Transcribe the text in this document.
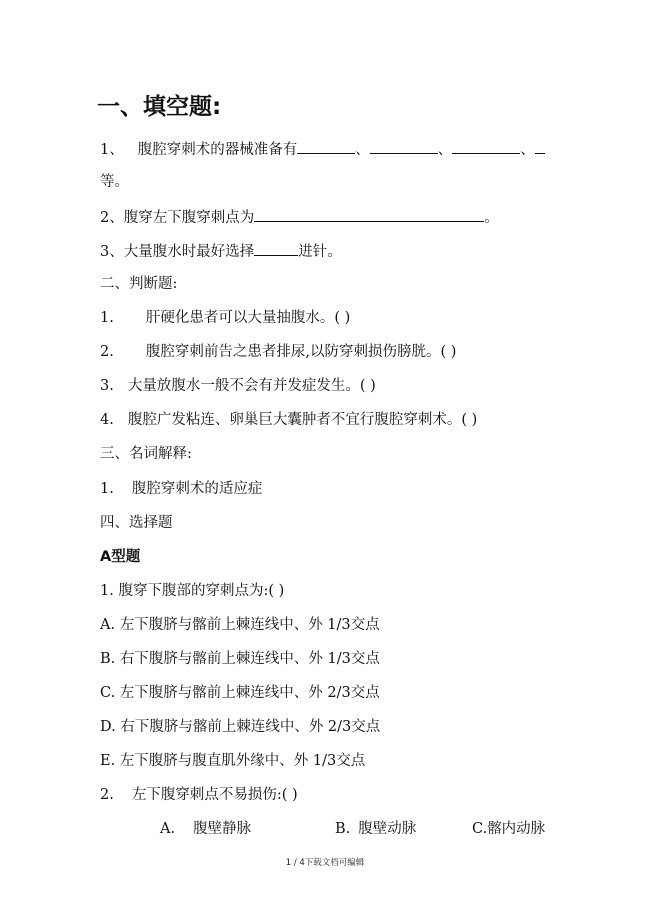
一、填空题:
1、 腹腔穿刺术的器械准备有	、	、	、
等。
2、腹穿左下腹穿刺点为	。
3、大量腹水时最好选择	进针。
二、判断题:
1. 肝硬化患者可以大量抽腹水。( )
2. 腹腔穿刺前告之患者排尿,以防穿刺损伤膀胱。( )
3. 大量放腹水一般不会有并发症发生。( )
4. 腹腔广发粘连、卵巢巨大囊肿者不宜行腹腔穿刺术。( )
三、名词解释:
1. 腹腔穿刺术的适应症
四、选择题
A型题
1. 腹穿下腹部的穿刺点为:( )
A. 左下腹脐与髂前上棘连线中、外 1/3交点
B. 右下腹脐与髂前上棘连线中、外 1/3交点
C. 左下腹脐与髂前上棘连线中、外 2/3交点
D. 右下腹脐与髂前上棘连线中、外 2/3交点
E. 左下腹脐与腹直肌外缘中、外 1/3交点
2. 左下腹穿刺点不易损伤:( )
A. 腹壁静脉	B. 腹壁动脉	C.髂内动脉
1 / 4下载文档可编辑
